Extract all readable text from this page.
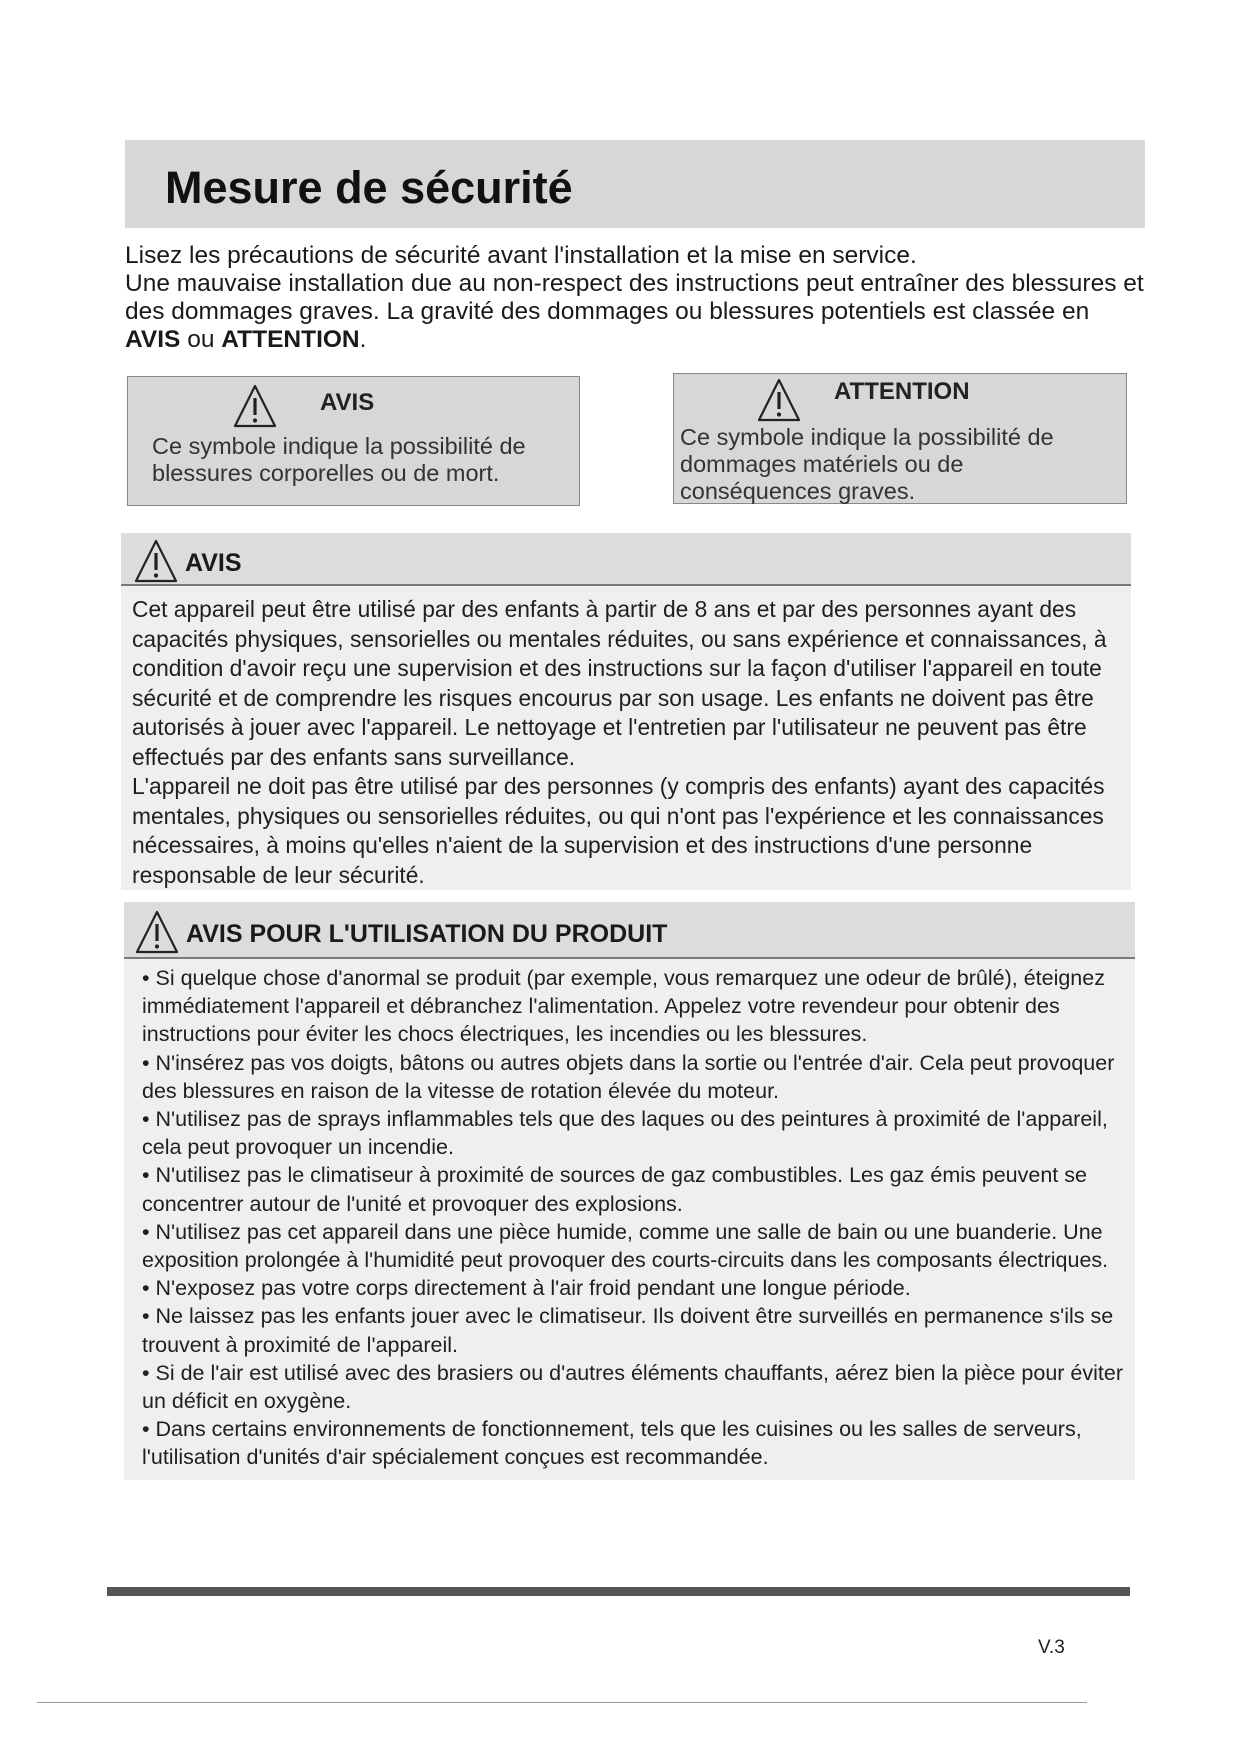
Mesure de sécurité

Lisez les précautions de sécurité avant l'installation et la mise en service.

Une mauvaise installation due au non-respect des instructions peut entraîner des blessures et des dommages graves. La gravité des dommages ou blessures potentiels est classée en
AVIS ou ATTENTION.

AVIS
Ce symbole indique la possibilité de blessures corporelles ou de mort.
ATTENTION
Ce symbole indique la possibilité de dommages matériels ou de conséquences graves.
AVIS

Cet appareil peut être utilisé par des enfants à partir de 8 ans et par des personnes ayant des capacités physiques, sensorielles ou mentales réduites, ou sans expérience et connaissances, à condition d'avoir reçu une supervision et des instructions sur la façon d'utiliser l'appareil en toute sécurité et de comprendre les risques encourus par son usage. Les enfants ne doivent pas être autorisés à jouer avec l'appareil. Le nettoyage et l'entretien par l'utilisateur ne peuvent pas être effectués par des enfants sans surveillance.

L'appareil ne doit pas être utilisé par des personnes (y compris des enfants) ayant des capacités mentales, physiques ou sensorielles réduites, ou qui n'ont pas l'expérience et les connaissances nécessaires, à moins qu'elles n'aient de la supervision et des instructions d'une personne responsable de leur sécurité.

AVIS POUR L'UTILISATION DU PRODUIT

• Si quelque chose d'anormal se produit (par exemple, vous remarquez une odeur de brûlé), éteignez immédiatement l'appareil et débranchez l'alimentation. Appelez votre revendeur pour obtenir des instructions pour éviter les chocs électriques, les incendies ou les blessures.

• N'insérez pas vos doigts, bâtons ou autres objets dans la sortie ou l'entrée d'air. Cela peut provoquer des blessures en raison de la vitesse de rotation élevée du moteur.

• N'utilisez pas de sprays inflammables tels que des laques ou des peintures à proximité de l'appareil, cela peut provoquer un incendie.

• N'utilisez pas le climatiseur à proximité de sources de gaz combustibles. Les gaz émis peuvent se concentrer autour de l'unité et provoquer des explosions.

• N'utilisez pas cet appareil dans une pièce humide, comme une salle de bain ou une buanderie. Une exposition prolongée à l'humidité peut provoquer des courts-circuits dans les composants électriques.

• N'exposez pas votre corps directement à l'air froid pendant une longue période.

• Ne laissez pas les enfants jouer avec le climatiseur. Ils doivent être surveillés en permanence s'ils se trouvent à proximité de l'appareil.

• Si de l'air est utilisé avec des brasiers ou d'autres éléments chauffants, aérez bien la pièce pour éviter un déficit en oxygène.

• Dans certains environnements de fonctionnement, tels que les cuisines ou les salles de serveurs, l'utilisation d'unités d'air spécialement conçues est recommandée.

V.3
